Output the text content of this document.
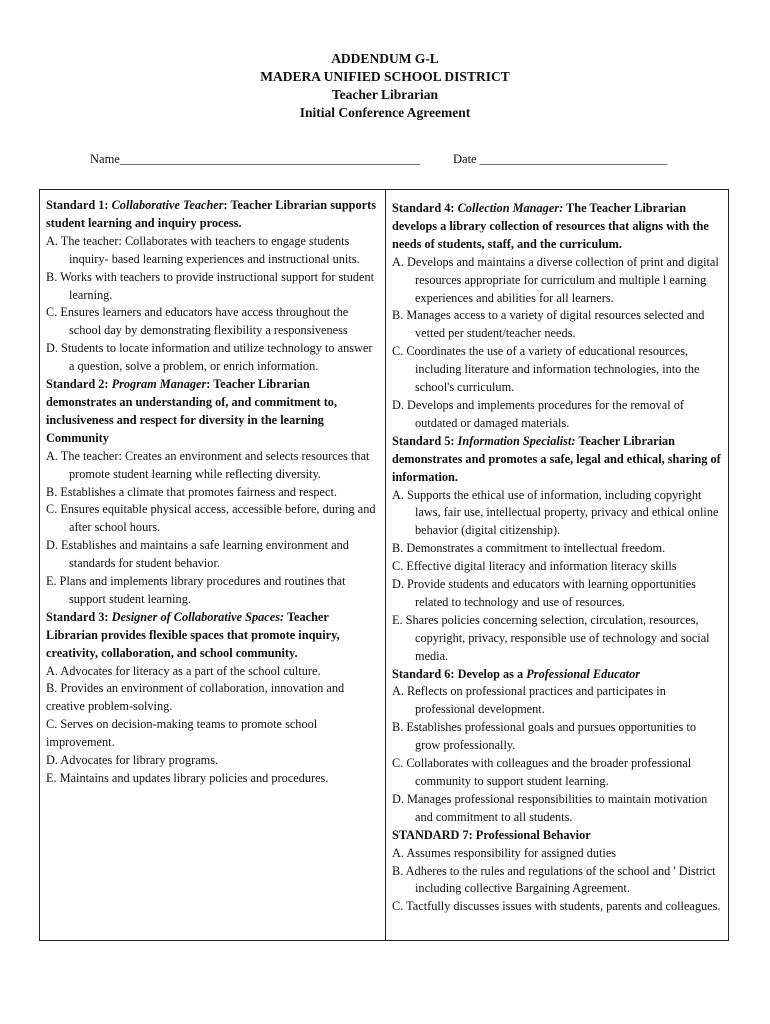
ADDENDUM G-L
MADERA UNIFIED SCHOOL DISTRICT
Teacher Librarian
Initial Conference Agreement
Name________________________________________________	Date ______________________________
Standard 1: Collaborative Teacher: Teacher Librarian supports student learning and inquiry process.
A. The teacher: Collaborates with teachers to engage students inquiry- based learning experiences and instructional units.
B. Works with teachers to provide instructional support for student learning.
C. Ensures learners and educators have access throughout the school day by demonstrating flexibility a responsiveness
D. Students to locate information and utilize technology to answer a question, solve a problem, or enrich information.
Standard 2: Program Manager: Teacher Librarian demonstrates an understanding of, and commitment to, inclusiveness and respect for diversity in the learning Community
A. The teacher: Creates an environment and selects resources that promote student learning while reflecting diversity.
B. Establishes a climate that promotes fairness and respect.
C. Ensures equitable physical access, accessible before, during and after school hours.
D. Establishes and maintains a safe learning environment and standards for student behavior.
E. Plans and implements library procedures and routines that support student learning.
Standard 3: Designer of Collaborative Spaces: Teacher Librarian provides flexible spaces that promote inquiry, creativity, collaboration, and school community.
A. Advocates for literacy as a part of the school culture.
B. Provides an environment of collaboration, innovation and creative problem-solving.
C. Serves on decision-making teams to promote school improvement.
D. Advocates for library programs.
E. Maintains and updates library policies and procedures.
Standard 4: Collection Manager: The Teacher Librarian develops a library collection of resources that aligns with the needs of students, staff, and the curriculum.
A. Develops and maintains a diverse collection of print and digital resources appropriate for curriculum and multiple l earning experiences and abilities for all learners.
B. Manages access to a variety of digital resources selected and vetted per student/teacher needs.
C. Coordinates the use of a variety of educational resources, including literature and information technologies, into the school's curriculum.
D. Develops and implements procedures for the removal of outdated or damaged materials.
Standard 5: Information Specialist: Teacher Librarian demonstrates and promotes a safe, legal and ethical, sharing of information.
A. Supports the ethical use of information, including copyright laws, fair use, intellectual property, privacy and ethical online behavior (digital citizenship).
B. Demonstrates a commitment to intellectual freedom.
C. Effective digital literacy and information literacy skills
D. Provide students and educators with learning opportunities related to technology and use of resources.
E. Shares policies concerning selection, circulation, resources, copyright, privacy, responsible use of technology and social media.
Standard 6: Develop as a Professional Educator
A. Reflects on professional practices and participates in professional development.
B. Establishes professional goals and pursues opportunities to grow professionally.
C. Collaborates with colleagues and the broader professional community to support student learning.
D. Manages professional responsibilities to maintain motivation and commitment to all students.
STANDARD 7: Professional Behavior
A. Assumes responsibility for assigned duties
B. Adheres to the rules and regulations of the school and ' District including collective Bargaining Agreement.
C. Tactfully discusses issues with students, parents and colleagues.
